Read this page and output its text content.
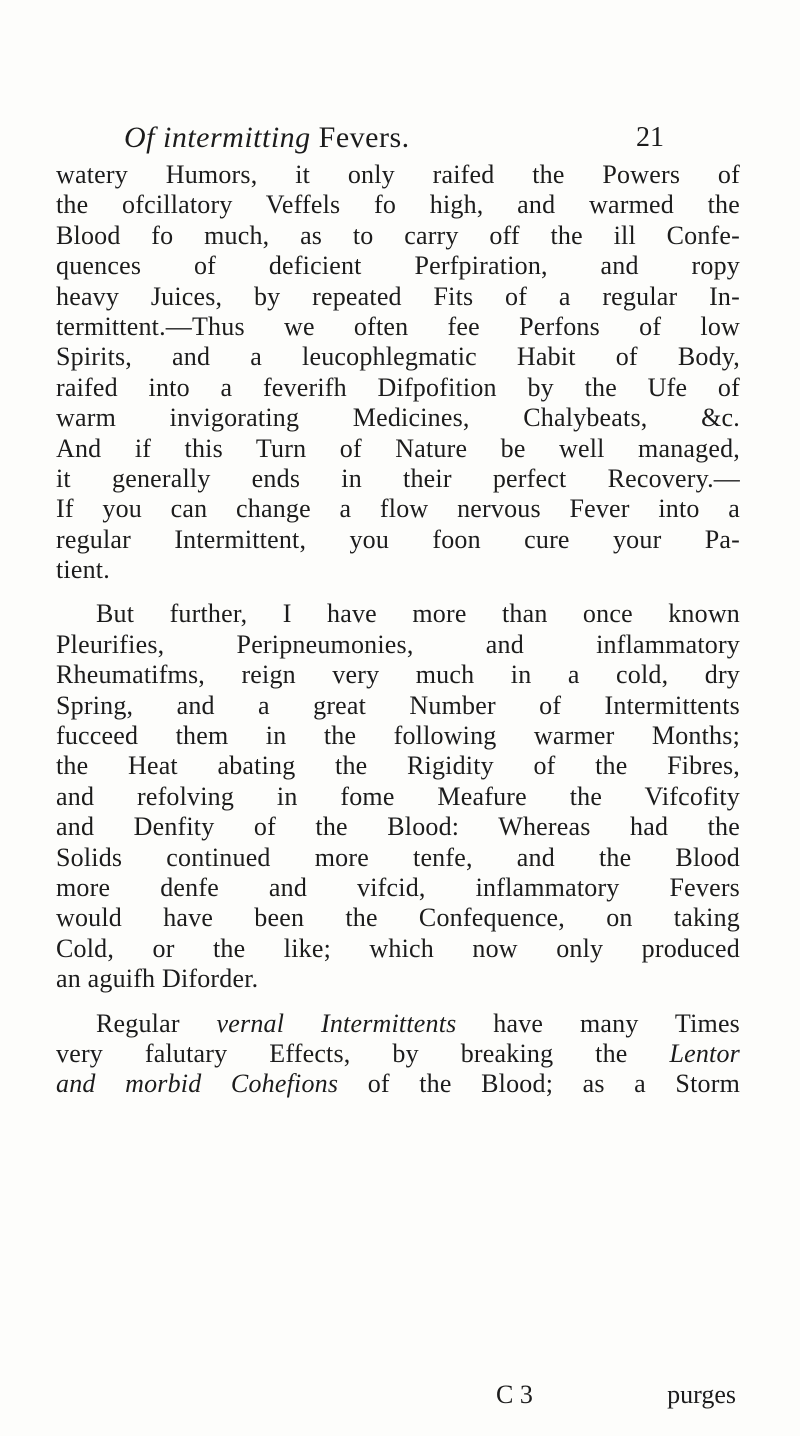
Of intermitting Fevers.	21
watery Humors, it only raifed the Powers of
the ofcillatory Veffels fo high, and warmed the
Blood fo much, as to carry off the ill Confe-
quences of deficient Perfpiration, and ropy
heavy Juices, by repeated Fits of a regular In-
termittent.—Thus we often fee Perfons of low
Spirits, and a leucophlegmatic Habit of Body,
raifed into a feverifh Difpofition by the Ufe of
warm invigorating Medicines, Chalybeats, &c.
And if this Turn of Nature be well managed,
it generally ends in their perfect Recovery.—
If you can change a flow nervous Fever into a
regular Intermittent, you foon cure your Pa-
tient.
But further, I have more than once known
Pleurifies, Peripneumonies, and inflammatory
Rheumatifms, reign very much in a cold, dry
Spring, and a great Number of Intermittents
fucceed them in the following warmer Months;
the Heat abating the Rigidity of the Fibres,
and refolving in fome Meafure the Vifcofity
and Denfity of the Blood: Whereas had the
Solids continued more tenfe, and the Blood
more denfe and vifcid, inflammatory Fevers
would have been the Confequence, on taking
Cold, or the like; which now only produced
an aguifh Diforder.
Regular vernal Intermittents have many Times
very falutary Effects, by breaking the Lentor
and morbid Cohefions of the Blood; as a Storm
C 3	purges
